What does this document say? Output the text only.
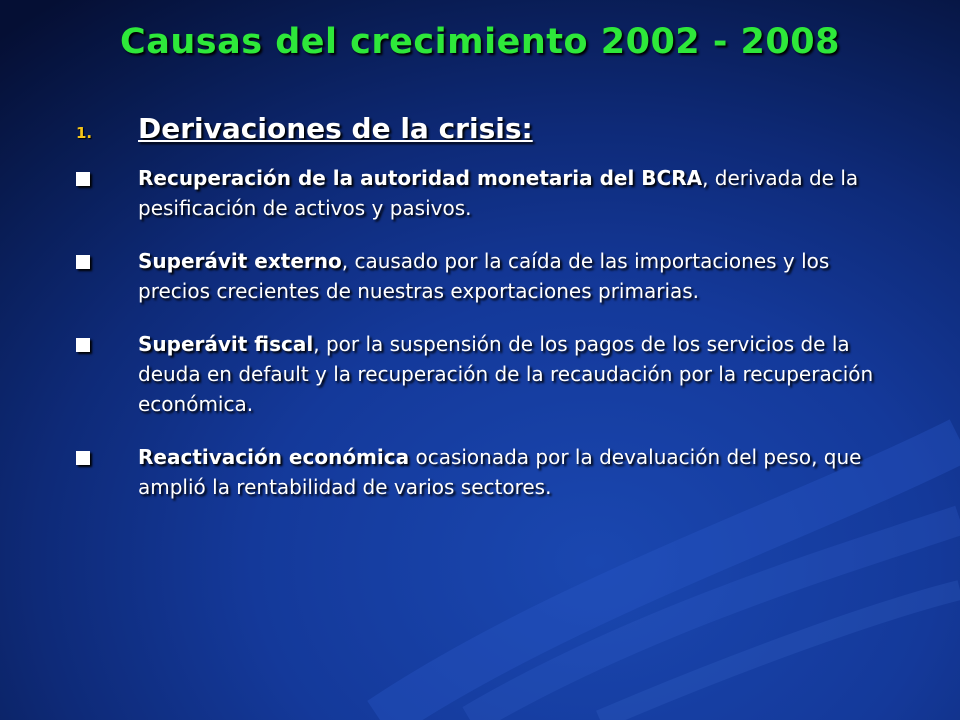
Causas del crecimiento 2002 - 2008
1.	Derivaciones de la crisis:
Recuperación de la autoridad monetaria del BCRA, derivada de la pesificación de activos y pasivos.
Superávit externo, causado por la caída de las importaciones y los precios crecientes de nuestras exportaciones primarias.
Superávit fiscal, por la suspensión de los pagos de los servicios de la deuda en default y la recuperación de la recaudación por la recuperación económica.
Reactivación económica ocasionada por la devaluación del peso, que amplió la rentabilidad de varios sectores.
